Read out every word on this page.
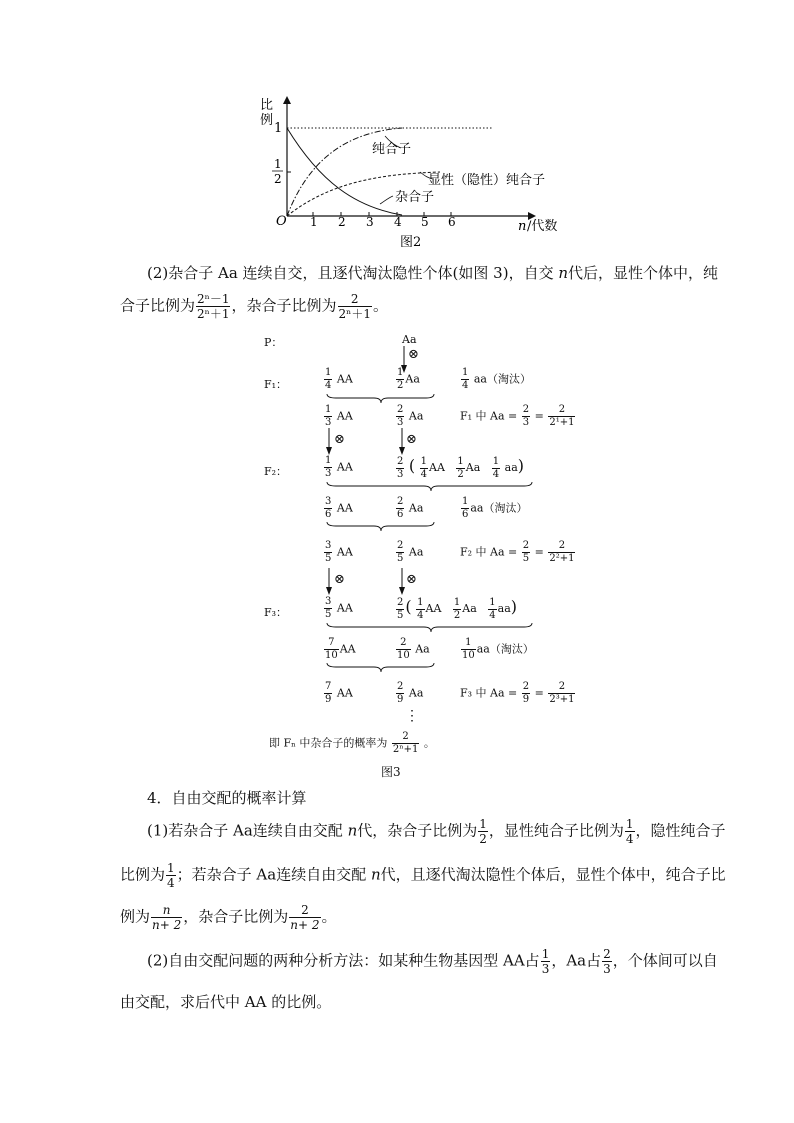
比
例
1
1
2
O 1 2 3 4 5 6	n /代数
纯合子
显性（隐性）纯合子
杂合子
图2
(2)杂合子 Aa 连续自交，且逐代淘汰隐性个体(如图 3)，自交 n代后，显性个体中，纯
合子比例为 $\frac{\text{2ⁿ－1}}{\text{2ⁿ＋1}}$ ，杂合子比例为 $\frac{2}{\text{2ⁿ＋1}}$ 。
P：
F₁：
F₂：
F₃：
Aa
⊗
$\frac{1}{4}$ AA	$\frac{1}{2}$ Aa	$\frac{1}{4} aa$（淘汰）
$\frac{1}{3}$ AA	$\frac{2}{3}$ Aa	F₁ 中 $Aa = \frac{2}{3} = \frac{2}{\text{2¹+1}}$
⊗	⊗
$\frac{1}{3}$ AA	$\frac{2}{3}$ ( $\frac{1}{4}$ AA $\frac{1}{2}$ Aa $\frac{1}{4} aa$)
$\frac{3}{6}$ AA	$\frac{2}{6}$ Aa	$\frac{1}{6} aa$（淘汰）
$\frac{3}{5}$ AA	$\frac{2}{5}$ Aa	F₂ 中 $Aa = \frac{2}{5} = \frac{2}{\text{2²+1}}$
⊗	⊗
$\frac{3}{5}$ AA	$\frac{2}{5}$ ( $\frac{1}{4}$ AA $\frac{1}{2}$ Aa $\frac{1}{4} aa$)
$\frac{7}{10}$ AA	$\frac{2}{10}$ Aa	$\frac{1}{10} aa$（淘汰）
$\frac{7}{9}$ AA	$\frac{2}{9}$ Aa	F₃ 中 $Aa = \frac{2}{9} = \frac{2}{\text{2³+1}}$
⋮
即 Fₙ 中杂合子的概率为 $\frac{2}{\text{2ⁿ+1}}$ 。
图3
4．自由交配的概率计算
(1)若杂合子 Aa连续自由交配 n代，杂合子比例为 $\frac{1}{2}$ ，显性纯合子比例为 $\frac{1}{4}$ ，隐性纯合子
比例为 $\frac{1}{4}$ ；若杂合子 Aa连续自由交配 n代，且逐代淘汰隐性个体后，显性个体中，纯合子比
例为 $\frac{n}{n+ 2}$ ，杂合子比例为 $\frac{2}{n+ 2}$ 。
(2)自由交配问题的两种分析方法：如某种生物基因型 AA占 $\frac{1}{3}$ ，Aa占 $\frac{2}{3}$ ，个体间可以自
由交配，求后代中 AA 的比例。
